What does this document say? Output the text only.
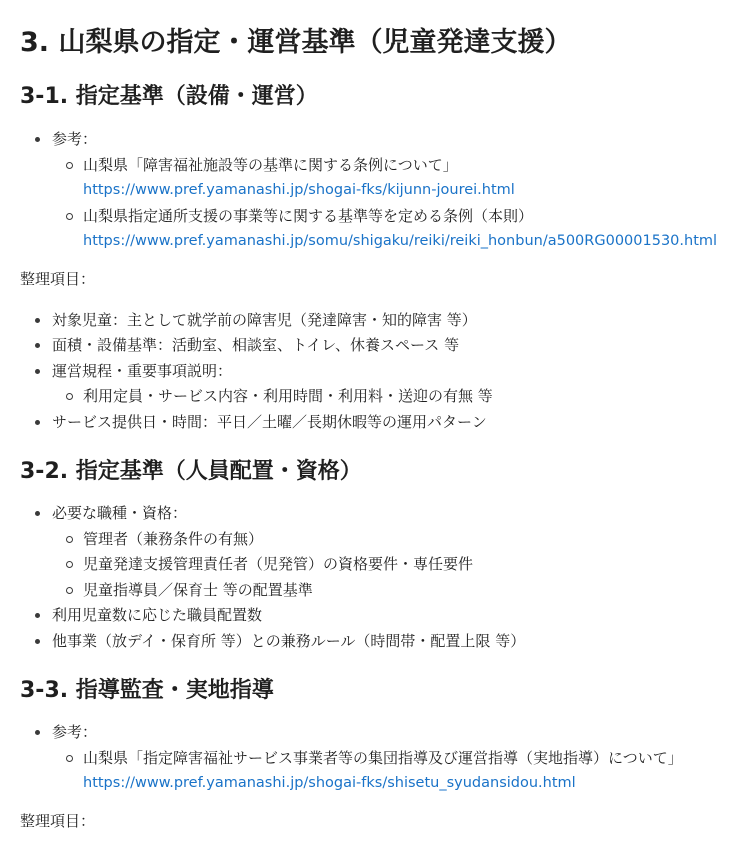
3. 山梨県の指定・運営基準（児童発達支援）
3-1. 指定基準（設備・運営）
参考：
山梨県「障害福祉施設等の基準に関する条例について」
https://www.pref.yamanashi.jp/shogai-fks/kijunn-jourei.html
山梨県指定通所支援の事業等に関する基準等を定める条例（本則）
https://www.pref.yamanashi.jp/somu/shigaku/reiki/reiki_honbun/a500RG00001530.html

整理項目：

対象児童：主として就学前の障害児（発達障害・知的障害 等）
面積・設備基準：活動室、相談室、トイレ、休養スペース 等
運営規程・重要事項説明：
利用定員・サービス内容・利用時間・利用料・送迎の有無 等
サービス提供日・時間：平日／土曜／長期休暇等の運用パターン
3-2. 指定基準（人員配置・資格）
必要な職種・資格：
管理者（兼務条件の有無）
児童発達支援管理責任者（児発管）の資格要件・専任要件
児童指導員／保育士 等の配置基準
利用児童数に応じた職員配置数
他事業（放デイ・保育所 等）との兼務ルール（時間帯・配置上限 等）
3-3. 指導監査・実地指導
参考：
山梨県「指定障害福祉サービス事業者等の集団指導及び運営指導（実地指導）について」
https://www.pref.yamanashi.jp/shogai-fks/shisetu_syudansidou.html

整理項目：
